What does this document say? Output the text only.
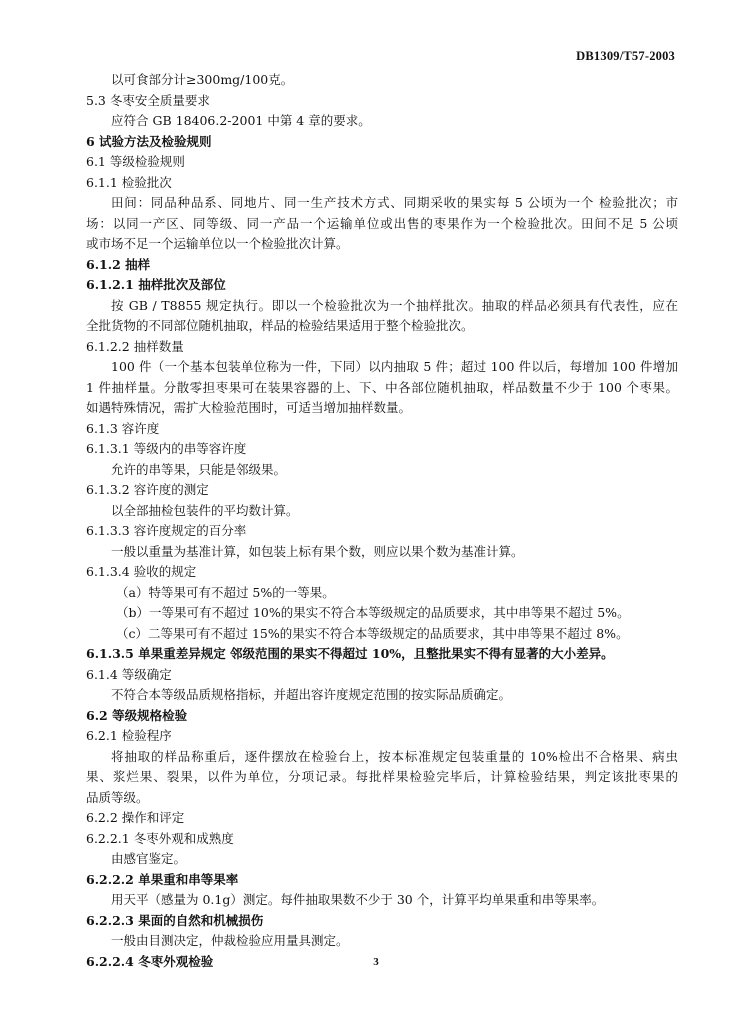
DB1309/T57-2003
以可食部分计≥300mg/100克。
5.3 冬枣安全质量要求
应符合 GB 18406.2-2001 中第 4 章的要求。
6 试验方法及检验规则
6.1 等级检验规则
6.1.1 检验批次
田间：同品种品系、同地片、同一生产技术方式、同期采收的果实每 5 公顷为一个 检验批次；市
场：以同一产区、同等级、同一产品一个运输单位或出售的枣果作为一个检验批次。田间不足 5 公顷
或市场不足一个运输单位以一个检验批次计算。
6.1.2 抽样
6.1.2.1 抽样批次及部位
按 GB / T8855 规定执行。即以一个检验批次为一个抽样批次。抽取的样品必须具有代表性，应在
全批货物的不同部位随机抽取，样品的检验结果适用于整个检验批次。
6.1.2.2 抽样数量
100 件（一个基本包装单位称为一件，下同）以内抽取 5 件；超过 100 件以后，每增加 100 件增加
1 件抽样量。分散零担枣果可在装果容器的上、下、中各部位随机抽取，样品数量不少于 100 个枣果。
如遇特殊情况，需扩大检验范围时，可适当增加抽样数量。
6.1.3 容许度
6.1.3.1 等级内的串等容许度
允许的串等果，只能是邻级果。
6.1.3.2 容许度的测定
以全部抽检包装件的平均数计算。
6.1.3.3 容许度规定的百分率
一般以重量为基准计算，如包装上标有果个数，则应以果个数为基准计算。
6.1.3.4 验收的规定
（a）特等果可有不超过 5%的一等果。
（b）一等果可有不超过 10%的果实不符合本等级规定的品质要求，其中串等果不超过 5%。
（c）二等果可有不超过 15%的果实不符合本等级规定的品质要求，其中串等果不超过 8%。
6.1.3.5 单果重差异规定 邻级范围的果实不得超过 10%，且整批果实不得有显著的大小差异。
6.1.4 等级确定
不符合本等级品质规格指标，并超出容许度规定范围的按实际品质确定。
6.2 等级规格检验
6.2.1 检验程序
将抽取的样品称重后，逐件摆放在检验台上，按本标准规定包装重量的 10%检出不合格果、病虫
果、浆烂果、裂果，以件为单位，分项记录。每批样果检验完毕后，计算检验结果，判定该批枣果的
品质等级。
6.2.2 操作和评定
6.2.2.1 冬枣外观和成熟度
由感官鉴定。
6.2.2.2 单果重和串等果率
用天平（感量为 0.1g）测定。每件抽取果数不少于 30 个，计算平均单果重和串等果率。
6.2.2.3 果面的自然和机械损伤
一般由目测决定，仲裁检验应用量具测定。
6.2.2.4 冬枣外观检验	3
